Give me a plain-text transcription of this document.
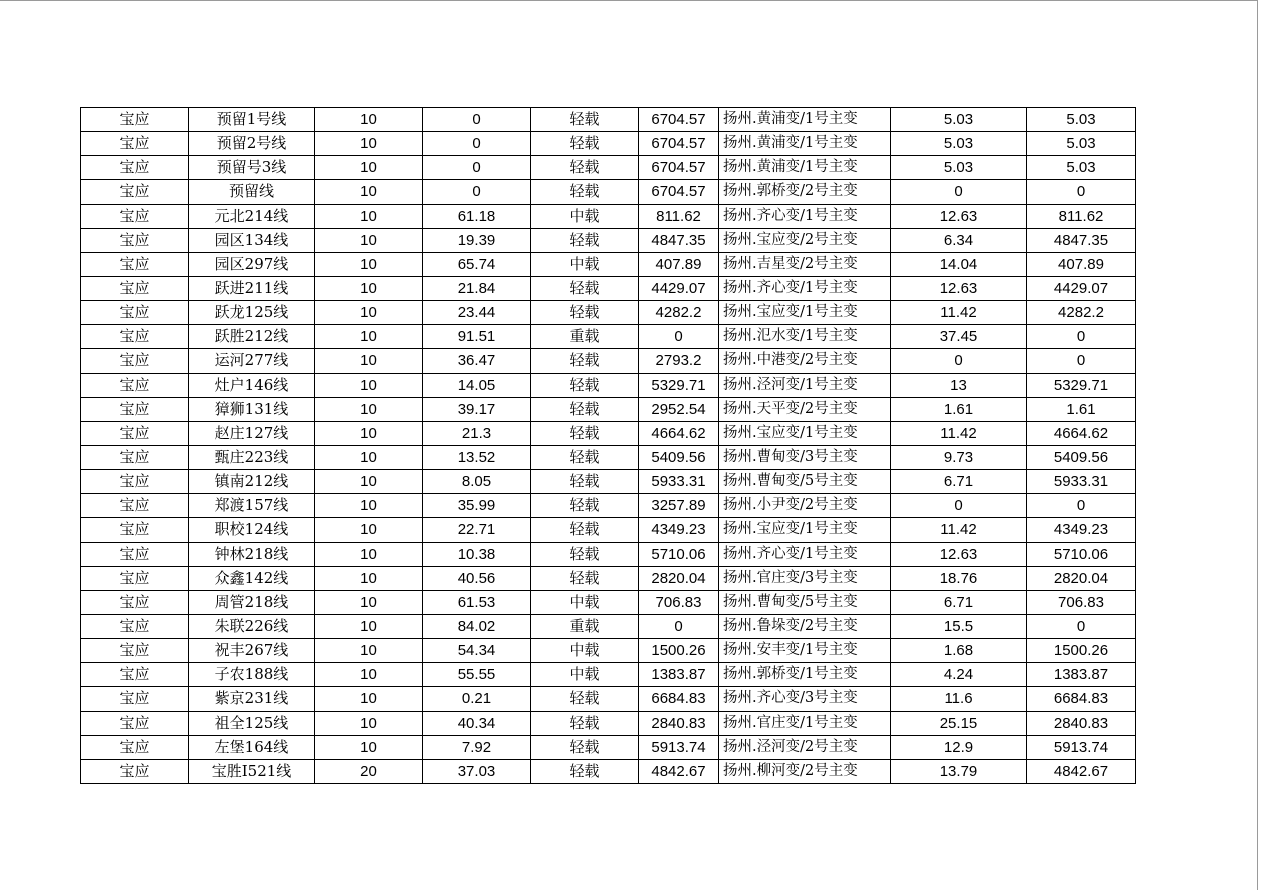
宝应	预留1号线	10	0	轻载	6704.57	扬州.黄浦变/1号主变	5.03	5.03
宝应	预留2号线	10	0	轻载	6704.57	扬州.黄浦变/1号主变	5.03	5.03
宝应	预留号3线	10	0	轻载	6704.57	扬州.黄浦变/1号主变	5.03	5.03
宝应	预留线	10	0	轻载	6704.57	扬州.郭桥变/2号主变	0	0
宝应	元北214线	10	61.18	中载	811.62	扬州.齐心变/1号主变	12.63	811.62
宝应	园区134线	10	19.39	轻载	4847.35	扬州.宝应变/2号主变	6.34	4847.35
宝应	园区297线	10	65.74	中载	407.89	扬州.吉星变/2号主变	14.04	407.89
宝应	跃进211线	10	21.84	轻载	4429.07	扬州.齐心变/1号主变	12.63	4429.07
宝应	跃龙125线	10	23.44	轻载	4282.2	扬州.宝应变/1号主变	11.42	4282.2
宝应	跃胜212线	10	91.51	重载	0	扬州.氾水变/1号主变	37.45	0
宝应	运河277线	10	36.47	轻载	2793.2	扬州.中港变/2号主变	0	0
宝应	灶户146线	10	14.05	轻载	5329.71	扬州.泾河变/1号主变	13	5329.71
宝应	獐狮131线	10	39.17	轻载	2952.54	扬州.天平变/2号主变	1.61	1.61
宝应	赵庄127线	10	21.3	轻载	4664.62	扬州.宝应变/1号主变	11.42	4664.62
宝应	甄庄223线	10	13.52	轻载	5409.56	扬州.曹甸变/3号主变	9.73	5409.56
宝应	镇南212线	10	8.05	轻载	5933.31	扬州.曹甸变/5号主变	6.71	5933.31
宝应	郑渡157线	10	35.99	轻载	3257.89	扬州.小尹变/2号主变	0	0
宝应	职校124线	10	22.71	轻载	4349.23	扬州.宝应变/1号主变	11.42	4349.23
宝应	钟林218线	10	10.38	轻载	5710.06	扬州.齐心变/1号主变	12.63	5710.06
宝应	众鑫142线	10	40.56	轻载	2820.04	扬州.官庄变/3号主变	18.76	2820.04
宝应	周管218线	10	61.53	中载	706.83	扬州.曹甸变/5号主变	6.71	706.83
宝应	朱联226线	10	84.02	重载	0	扬州.鲁垛变/2号主变	15.5	0
宝应	祝丰267线	10	54.34	中载	1500.26	扬州.安丰变/1号主变	1.68	1500.26
宝应	子农188线	10	55.55	中载	1383.87	扬州.郭桥变/1号主变	4.24	1383.87
宝应	紫京231线	10	0.21	轻载	6684.83	扬州.齐心变/3号主变	11.6	6684.83
宝应	祖全125线	10	40.34	轻载	2840.83	扬州.官庄变/1号主变	25.15	2840.83
宝应	左堡164线	10	7.92	轻载	5913.74	扬州.泾河变/2号主变	12.9	5913.74
宝应	宝胜Ⅰ521线	20	37.03	轻载	4842.67	扬州.柳河变/2号主变	13.79	4842.67
